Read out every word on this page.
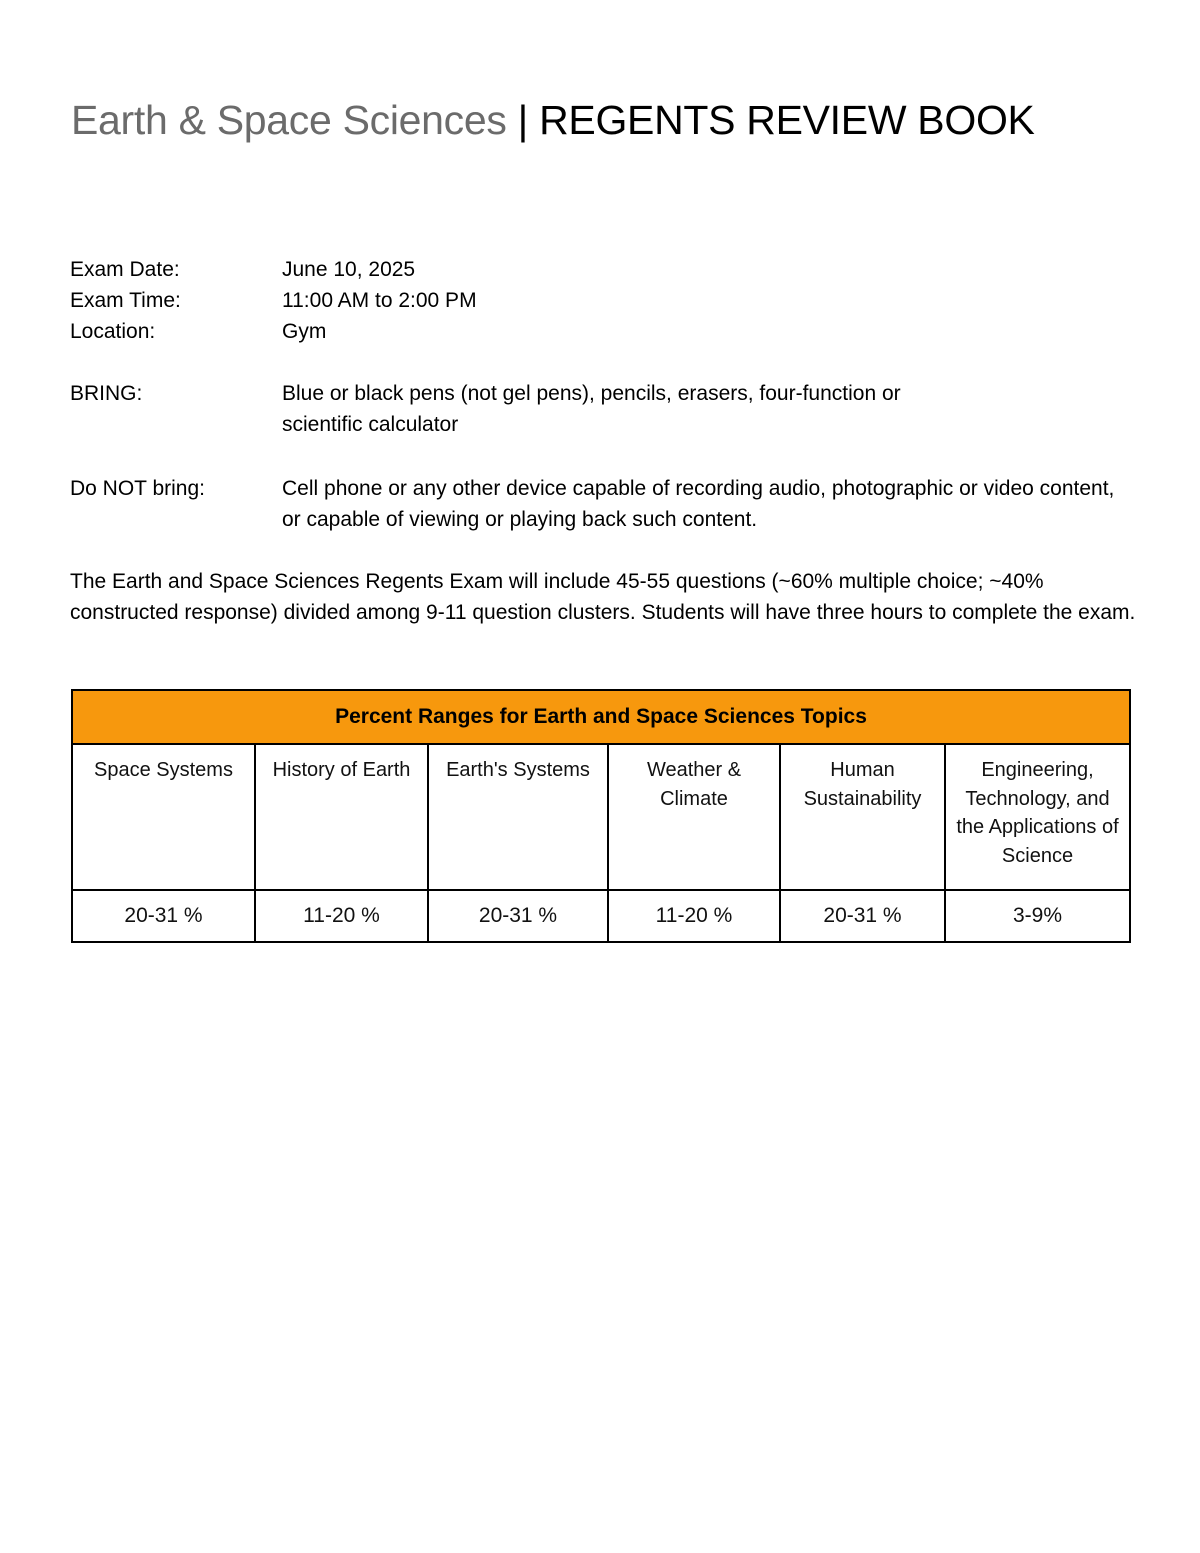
Earth & Space Sciences | REGENTS REVIEW BOOK
Exam Date:	June 10, 2025
Exam Time:	11:00 AM to 2:00 PM
Location:	Gym
BRING:	Blue or black pens (not gel pens), pencils, erasers, four-function or scientific calculator
Do NOT bring:	Cell phone or any other device capable of recording audio, photographic or video content, or capable of viewing or playing back such content.
The Earth and Space Sciences Regents Exam will include 45-55 questions (~60% multiple choice; ~40% constructed response) divided among 9-11 question clusters. Students will have three hours to complete the exam.
Percent Ranges for Earth and Space Sciences Topics					
Space Systems	History of Earth	Earth's Systems	Weather & Climate	Human Sustainability	Engineering, Technology, and the Applications of Science
20-31 %	11-20 %	20-31 %	11-20 %	20-31 %	3-9%
